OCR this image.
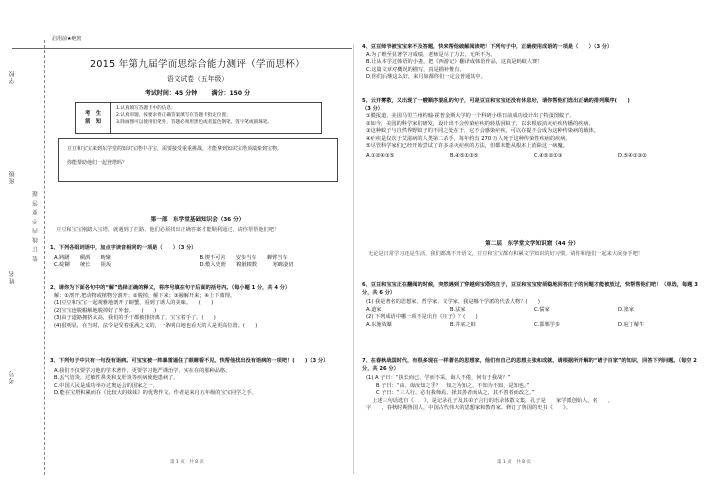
学校
班级
姓名
考号
装 订 线 内 不 要 答 题
启用前★绝密
2015 年第九届学而思综合能力测评（学而思杯）
语文试卷（五年级）
考试时间：45 分钟 满分：150 分
考　生
须　知
1.认真填写答题卡中的信息；
2.认真审题，按要求将正确答案填写在答题卡指定位置；
3.除画图可以使用铅笔外，答题必须用黑色或者蓝色钢笔、签字笔或圆珠笔。
豆豆和宝宝来到东学堂的知识宝塔中寻宝，需要接受重重挑战，才能拿到知识宝塔顶端象到宝物。
你能帮助他们一起登塔吗？
第一部　东学堂基础知识会（36 分）
豆豆和宝宝刚踏入宝塔，就遇到了拦路，他们必须找出正确答案才能顺利通过，请你帮帮他们吧！
1、下列各组词语中，加点字读音相同的一项是（　　）（3 分）
A.踌躇　　稠酒　　畴聚	B.锲不可舍　　安步当车　　蝉臂当车
C.绽糊　　统长　　阻坂	D.敷入史册　　糗骰糗数　　　寒蝉凄切
2、请你为下面各句中的“解”选择正确的释义，将序号填在句子后面的括号内。（每小题 1 分，共 4 分）
解：①剖开,把动物或植物分割开；②脱掉，解下来；③融解开来；④上下离理。
(1)豆豆和宝宝一起观雅地剖开了螃蟹，看到了诱人的美味。　　(　　)
(2)宝宝连脱帽解地脱掉好了外套。　　(　　)
(3)由于道路拥挤太高，我们的手干都被排挤离了，宝宝着手了。(　　)
(4)很明显，在当时，法令是受着重满之义的，一条明白地也看天的人是更高位置。(　　)
3、下列句子中只有一句没有语病。可宝宝被一阵暴雷逼住了眼睛看不见，快帮他找出没有语病的一项吧！(　　)（3 分）
A.我们不仅要学习他的学术著作，更要学习他严谨治学、实在在的那种品格。
B.丢气管炎，过敏性鼻炎和支肝炎等疾病使他患病了。
C.中国人民是成功举办过奥运会的国家之一。
D.能在宝塔积累而在《比较大的妹妹》的优秀作文，作者是来自五年级的宝宝同学之手。
第 1 页　共 8 页
4、豆豆师爷被宝宝来不及答题，快来帮他破解阅读吧！下列句子中，正确使用成语的一项是（　　）（3 分）
A.为了维至显著学习成绩，老师是尽了力去，无所不为。
B.让从本学过韩语的小妻，把《西游记》翻译成韩语作品，这真是蚂蚁人赛！
C.这篇文章对概况的描写，真是描补惟有。
D.你们后继这么好，来月如都你们一定会普通其中。
5、云开雾散，又出现了一艘顺序混乱的句子，可是豆豆和宝宝还没有休息好，请你帮他们选出正确的排列顺序(　　)
（3 分）
①膜报道，美国马里兰州约翰·霍普金斯大学的一个科研小组日前成功设计出了特蛋图蚁子。
②如今，美国的科学家们研发，设计出不会传染疟疾的转基因蚊子，以求根底消灭疟疾传播的疾病。
③这种蚊子与自然界野蚊子的不同之处在于，它不会感染疟疾，可以在提不会成为这种传染病的载体。
④疟疾是仅次于艾滋病的人类第二杀手，每年约有 270 万人死于这种传染性疾病的疾病。
⑤尽管科学家们已经开始尝试了许多杀灭疟疾的方法，但都未能从根本上消除这一病魔。
A.①②④③⑤	B.④⑤①③⑤	C.④⑤②①③	D.⑤④①③②
第二层　东学堂文学知识窟（44 分）
无论是日常学习还是生活，我们都离不开语文，豆豆和宝宝都有积累文学知识的好习惯，请你和他们一起来大展身手吧！
6、豆豆和宝宝正在翻阅的时候，突然遇到了穿越到宝塔的庄子，豆豆和宝宝密须稳地回答庄子的问题才能被放过，快帮帮他们吧！（单选，每题 3 分，共 6 分）
(1) 我是著名的思想家、哲学家、文学家，我是哪个学派的代表人物？(　　)
A.道家	B.法家	C.儒家	D.墨家
(2) 下列成语中哪一项不是出自《庄子》？(　　)
A.东施效颦	B.井底之蛙	C.邯郸学步	D.庖丁解牛
7、在春秋战国时代，有很多现在一样著名的思想家，他们有自己的思想主张和成就，请根据所开解的“诸子百家”的知识，回答下列问题。（每空 2 分，共 26 分）
(1) A 子曰：“执长而已，学而不采，诲人不倦，何有于我哉？”
B 子曰：“由，诲汝知之乎？　知之为知之，不知为不知，是知也。”
C 子曰：“三人行，必有我师焉。择其善者而从之，其不善者而改之。”
上述三句话选自《　　》，是记录孔子及其弟子言行的语录体散文集，孔子是　　家学派创始人，名　　，
字　　，春秋时期鲁国人，中国古代伟大的思想家和教育家。修订了鲁国的史书《　　》。
第 1 页　共 8 页
